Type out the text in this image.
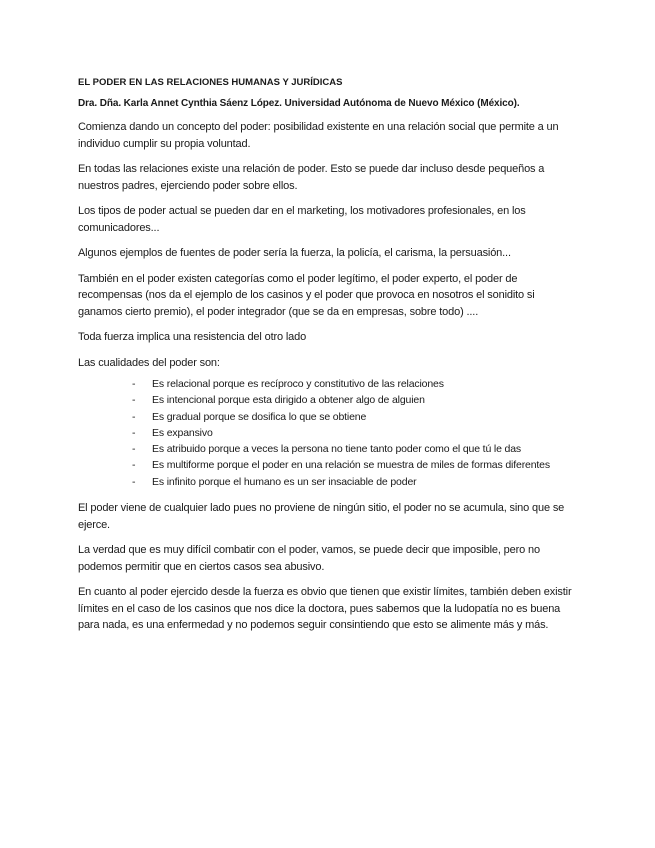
EL PODER EN LAS RELACIONES HUMANAS Y JURÍDICAS
Dra. Dña. Karla Annet Cynthia Sáenz López. Universidad Autónoma de Nuevo México (México).

Comienza dando un concepto del poder: posibilidad existente en una relación social que permite a un individuo cumplir su propia voluntad.

En todas las relaciones existe una relación de poder. Esto se puede dar incluso desde pequeños a nuestros padres, ejerciendo poder sobre ellos.

Los tipos de poder actual se pueden dar en el marketing, los motivadores profesionales, en los comunicadores...

Algunos ejemplos de fuentes de poder sería la fuerza, la policía, el carisma, la persuasión...

También en el poder existen categorías como el poder legítimo, el poder experto, el poder de recompensas (nos da el ejemplo de los casinos y el poder que provoca en nosotros el sonidito si ganamos cierto premio), el poder integrador (que se da en empresas, sobre todo) ....

Toda fuerza implica una resistencia del otro lado

Las cualidades del poder son:

- Es relacional porque es recíproco y constitutivo de las relaciones
- Es intencional porque esta dirigido a obtener algo de alguien
- Es gradual porque se dosifica lo que se obtiene
- Es expansivo
- Es atribuido porque a veces la persona no tiene tanto poder como el que tú le das
- Es multiforme porque el poder en una relación se muestra de miles de formas diferentes
- Es infinito porque el humano es un ser insaciable de poder

El poder viene de cualquier lado pues no proviene de ningún sitio, el poder no se acumula, sino que se ejerce.

La verdad que es muy difícil combatir con el poder, vamos, se puede decir que imposible, pero no podemos permitir que en ciertos casos sea abusivo.

En cuanto al poder ejercido desde la fuerza es obvio que tienen que existir límites, también deben existir límites en el caso de los casinos que nos dice la doctora, pues sabemos que la ludopatía no es buena para nada, es una enfermedad y no podemos seguir consintiendo que esto se alimente más y más.
